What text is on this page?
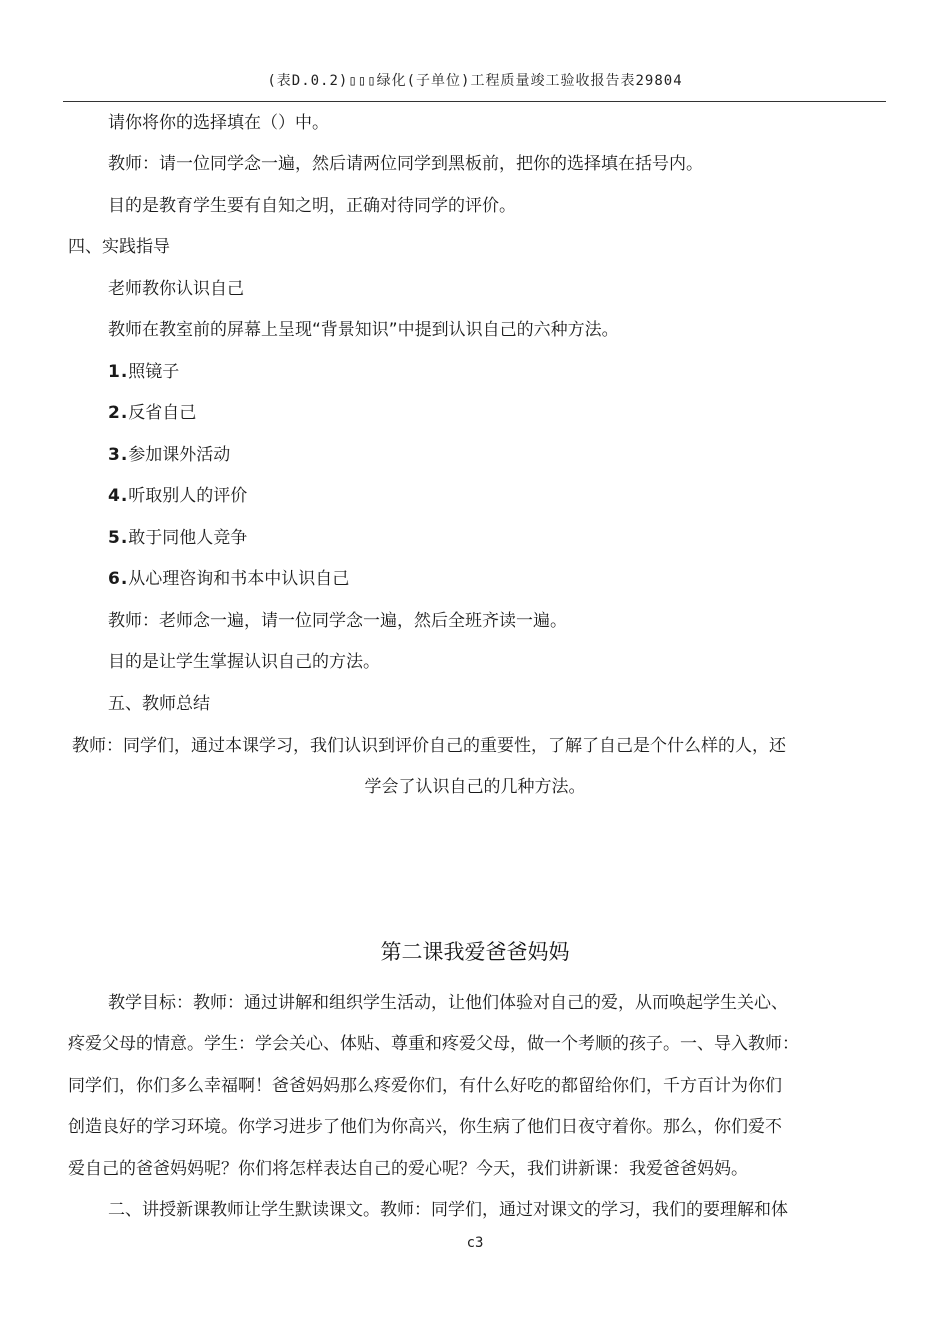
(表D.0.2)▯▯▯绿化(子单位)工程质量竣工验收报告表29804
请你将你的选择填在（）中。
教师：请一位同学念一遍，然后请两位同学到黑板前，把你的选择填在括号内。
目的是教育学生要有自知之明，正确对待同学的评价。
四、实践指导
老师教你认识自己
教师在教室前的屏幕上呈现“背景知识”中提到认识自己的六种方法。
1.照镜子
2.反省自己
3.参加课外活动
4.听取别人的评价
5.敢于同他人竞争
6.从心理咨询和书本中认识自己
教师：老师念一遍，请一位同学念一遍，然后全班齐读一遍。
目的是让学生掌握认识自己的方法。
五、教师总结
教师：同学们，通过本课学习，我们认识到评价自己的重要性，了解了自己是个什么样的人，还
学会了认识自己的几种方法。
第二课我爱爸爸妈妈
教学目标：教师：通过讲解和组织学生活动，让他们体验对自己的爱，从而唤起学生关心、
疼爱父母的情意。学生：学会关心、体贴、尊重和疼爱父母，做一个考顺的孩子。一、导入教师：
同学们，你们多么幸福啊！爸爸妈妈那么疼爱你们，有什么好吃的都留给你们，千方百计为你们
创造良好的学习环境。你学习进步了他们为你高兴，你生病了他们日夜守着你。那么，你们爱不
爱自己的爸爸妈妈呢？你们将怎样表达自己的爱心呢？今天，我们讲新课：我爱爸爸妈妈。
二、讲授新课教师让学生默读课文。教师：同学们，通过对课文的学习，我们的要理解和体
c3
